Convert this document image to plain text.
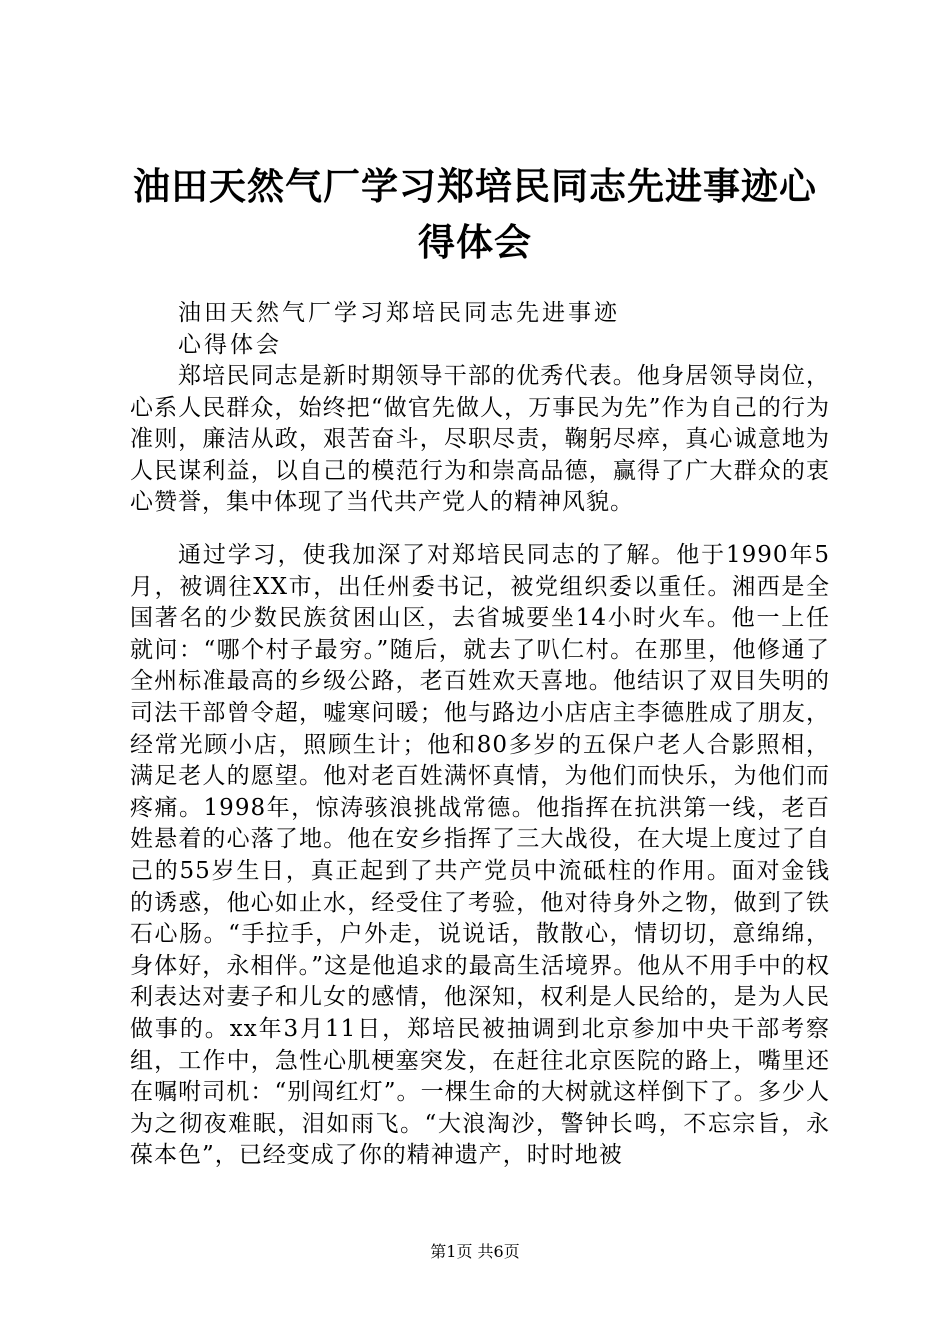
油田天然气厂学习郑培民同志先进事迹心得体会
油田天然气厂学习郑培民同志先进事迹
心得体会
郑培民同志是新时期领导干部的优秀代表。他身居领导岗位，心系人民群众，始终把“做官先做人，万事民为先”作为自己的行为准则，廉洁从政，艰苦奋斗，尽职尽责，鞠躬尽瘁，真心诚意地为人民谋利益，以自己的模范行为和崇高品德，赢得了广大群众的衷心赞誉，集中体现了当代共产党人的精神风貌。
通过学习，使我加深了对郑培民同志的了解。他于1990年5月，被调往XX市，出任州委书记，被党组织委以重任。湘西是全国著名的少数民族贫困山区，去省城要坐14小时火车。他一上任就问：“哪个村子最穷。”随后，就去了叭仁村。在那里，他修通了全州标准最高的乡级公路，老百姓欢天喜地。他结识了双目失明的司法干部曾令超，嘘寒问暖；他与路边小店店主李德胜成了朋友，经常光顾小店，照顾生计；他和80多岁的五保户老人合影照相，满足老人的愿望。他对老百姓满怀真情，为他们而快乐，为他们而疼痛。1998年，惊涛骇浪挑战常德。他指挥在抗洪第一线，老百姓悬着的心落了地。他在安乡指挥了三大战役，在大堤上度过了自己的55岁生日，真正起到了共产党员中流砥柱的作用。面对金钱的诱惑，他心如止水，经受住了考验，他对待身外之物，做到了铁石心肠。“手拉手，户外走，说说话，散散心，情切切，意绵绵，身体好，永相伴。”这是他追求的最高生活境界。他从不用手中的权利表达对妻子和儿女的感情，他深知，权利是人民给的，是为人民做事的。xx年3月11日，郑培民被抽调到北京参加中央干部考察组，工作中，急性心肌梗塞突发，在赶往北京医院的路上，嘴里还在嘱咐司机：“别闯红灯”。一棵生命的大树就这样倒下了。多少人为之彻夜难眠，泪如雨飞。“大浪淘沙，警钟长鸣，不忘宗旨，永葆本色”，已经变成了你的精神遗产，时时地被
第1页 共6页
